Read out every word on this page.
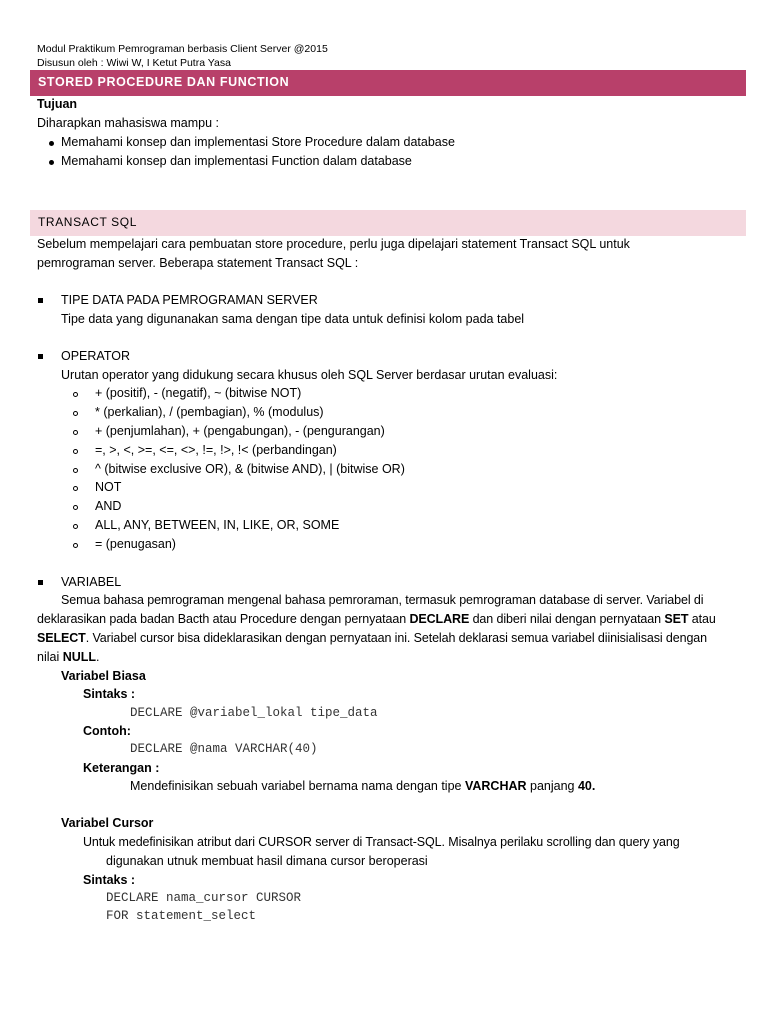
Modul Praktikum Pemrograman berbasis Client Server @2015
Disusun oleh : Wiwi W, I Ketut Putra Yasa
STORED PROCEDURE DAN FUNCTION
Tujuan
Diharapkan mahasiswa mampu :
Memahami konsep dan implementasi Store Procedure dalam database
Memahami konsep dan implementasi Function dalam database
TRANSACT SQL
Sebelum mempelajari cara pembuatan store procedure, perlu juga dipelajari statement Transact SQL untuk
pemrograman server. Beberapa statement Transact SQL :
TIPE DATA PADA PEMROGRAMAN SERVER
Tipe data yang digunanakan sama dengan tipe data untuk definisi kolom pada tabel
OPERATOR
Urutan operator yang didukung secara khusus oleh SQL Server berdasar urutan evaluasi:
+ (positif), - (negatif), ~ (bitwise NOT)
* (perkalian), / (pembagian), % (modulus)
+ (penjumlahan), + (pengabungan), - (pengurangan)
=, >, <, >=, <=, <>, !=, !>, !< (perbandingan)
^ (bitwise exclusive OR), & (bitwise AND), | (bitwise OR)
NOT
AND
ALL, ANY, BETWEEN, IN, LIKE, OR, SOME
= (penugasan)
VARIABEL
Semua bahasa pemrograman mengenal bahasa pemroraman, termasuk pemrograman database di server. Variabel di
deklarasikan pada badan Bacth atau Procedure dengan pernyataan DECLARE dan diberi nilai dengan pernyataan SET atau
SELECT. Variabel cursor bisa dideklarasikan dengan pernyataan ini. Setelah deklarasi semua variabel diinisialisasi dengan
nilai NULL.
Variabel Biasa
Sintaks :
DECLARE @variabel_lokal tipe_data
Contoh:
DECLARE @nama VARCHAR(40)
Keterangan :
Mendefinisikan sebuah variabel bernama nama dengan tipe VARCHAR panjang 40.
Variabel Cursor
Untuk medefinisikan atribut dari CURSOR server di Transact-SQL. Misalnya perilaku scrolling dan query yang
digunakan utnuk membuat hasil dimana cursor beroperasi
Sintaks :
DECLARE nama_cursor CURSOR
FOR statement_select
